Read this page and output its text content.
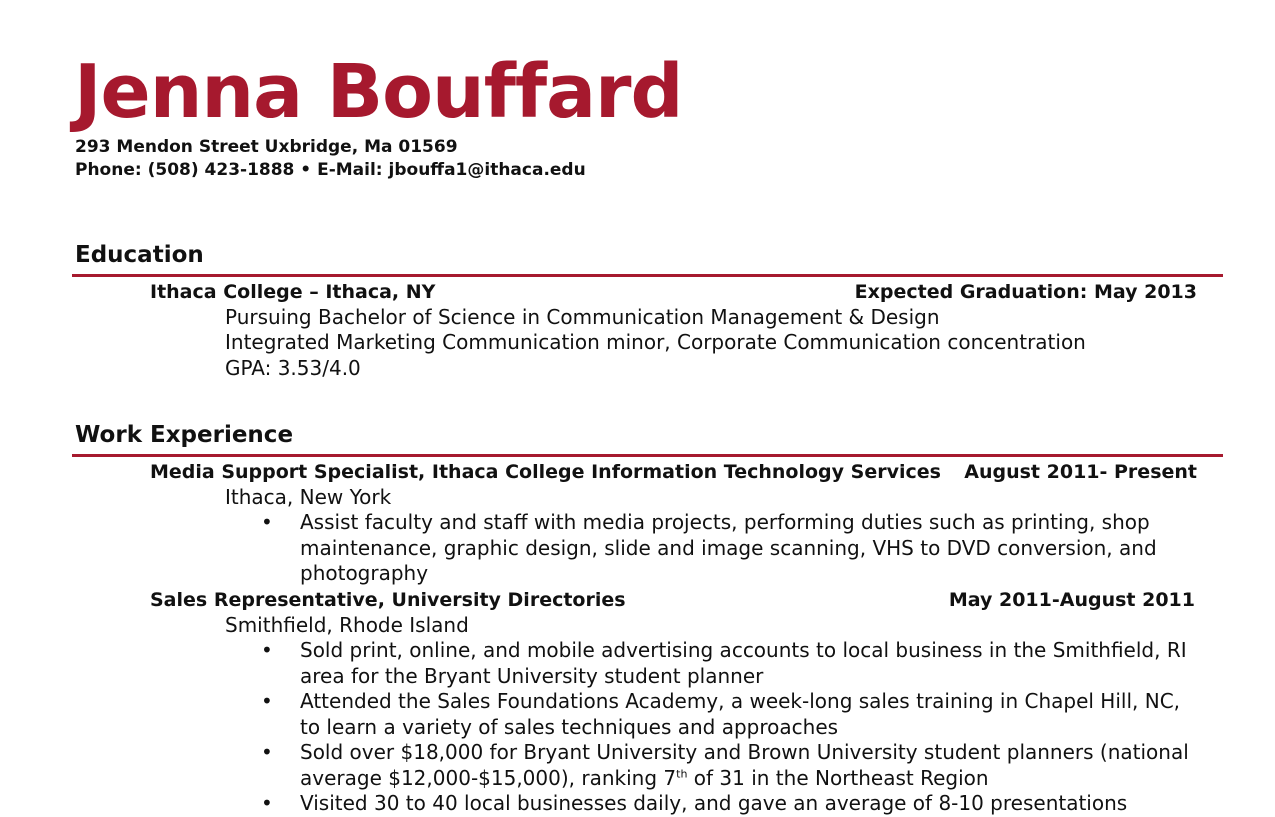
Jenna Bouffard
293 Mendon Street Uxbridge, Ma 01569
Phone: (508) 423-1888 • E-Mail: jbouffa1@ithaca.edu
Education
Ithaca College – Ithaca, NY	Expected Graduation: May 2013
Pursuing Bachelor of Science in Communication Management & Design
Integrated Marketing Communication minor, Corporate Communication concentration
GPA: 3.53/4.0
Work Experience
Media Support Specialist, Ithaca College Information Technology Services August 2011- Present
Ithaca, New York
• Assist faculty and staff with media projects, performing duties such as printing, shop
maintenance, graphic design, slide and image scanning, VHS to DVD conversion, and
photography
Sales Representative, University Directories	May 2011-August 2011
Smithfield, Rhode Island
• Sold print, online, and mobile advertising accounts to local business in the Smithfield, RI
area for the Bryant University student planner
• Attended the Sales Foundations Academy, a week-long sales training in Chapel Hill, NC,
to learn a variety of sales techniques and approaches
• Sold over $18,000 for Bryant University and Brown University student planners (national
average $12,000-$15,000), ranking 7th of 31 in the Northeast Region
• Visited 30 to 40 local businesses daily, and gave an average of 8-10 presentations
